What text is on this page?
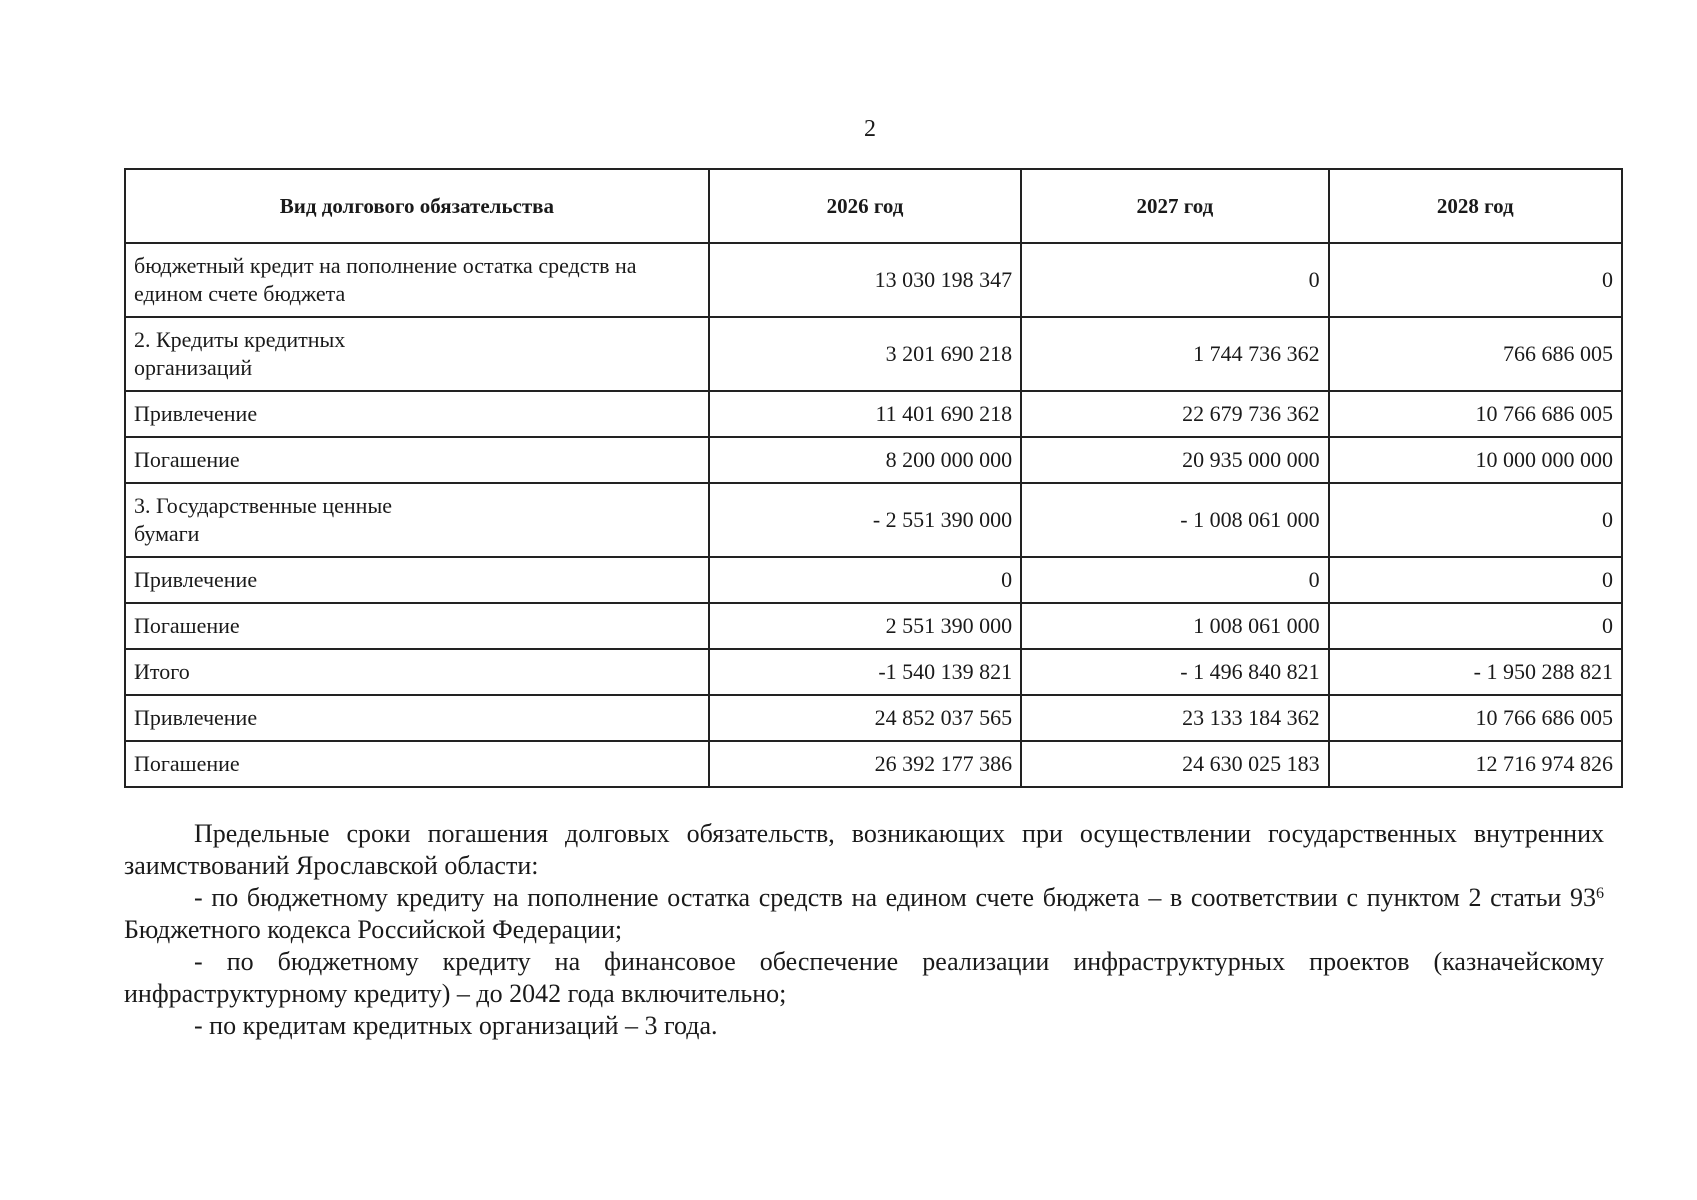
2
Вид долгового обязательства	2026 год	2027 год	2028 год
бюджетный кредит на пополнение остатка средств на едином счете бюджета	13 030 198 347	0	0
2. Кредиты кредитных организаций	3 201 690 218	1 744 736 362	766 686 005
Привлечение	11 401 690 218	22 679 736 362	10 766 686 005
Погашение	8 200 000 000	20 935 000 000	10 000 000 000
3. Государственные ценные бумаги	- 2 551 390 000	- 1 008 061 000	0
Привлечение	0	0	0
Погашение	2 551 390 000	1 008 061 000	0
Итого	-1 540 139 821	- 1 496 840 821	- 1 950 288 821
Привлечение	24 852 037 565	23 133 184 362	10 766 686 005
Погашение	26 392 177 386	24 630 025 183	12 716 974 826

Предельные сроки погашения долговых обязательств, возникающих при осуществлении государственных внутренних заимствований Ярославской области:

- по бюджетному кредиту на пополнение остатка средств на едином счете бюджета – в соответствии с пунктом 2 статьи $93^6$ Бюджетного кодекса Российской Федерации;

- по бюджетному кредиту на финансовое обеспечение реализации инфраструктурных проектов (казначейскому инфраструктурному кредиту) – до 2042 года включительно;

- по кредитам кредитных организаций – 3 года.
